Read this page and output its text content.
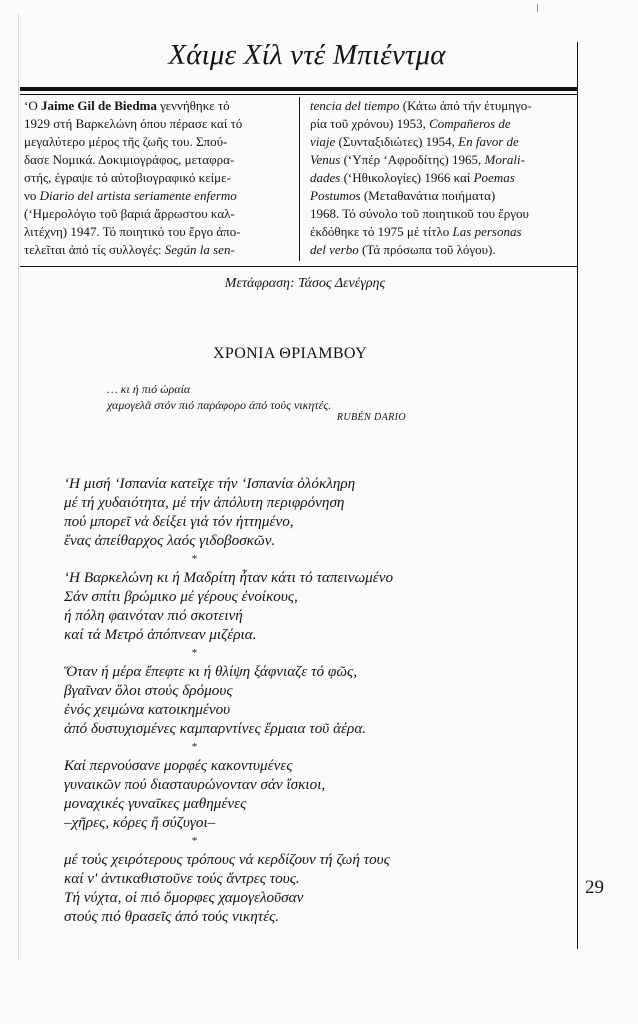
Χάιμε Χίλ ντέ Μπιέντμα
‘Ο Jaime Gil de Biedma γεννήθηκε τό
1929 στή Βαρκελώνη όπου πέρασε καί τό
μεγαλύτερο μέρος τῆς ζωῆς του. Σπού-
δασε Νομικά. Δοκιμιογράφος, μεταφρα-
στής, έγραψε τό αὐτοβιογραφικό κείμε-
νο Diario del artista seriamente enfermo
(‘Ημερολόγιο τοῦ βαριά ἄρρωστου καλ-
λιτέχνη) 1947. Τό ποιητικό του ἔργο ἀπο-
τελεῖται ἀπό τίς συλλογές: Según la sen-
tencia del tiempo (Κάτω ἀπό τήν ἐτυμηγο-
ρία τοῦ χρόνου) 1953, Compañeros de
viaje (Συνταξιδιώτες) 1954, En favor de
Venus (‘Υπέρ ‘Αφροδίτης) 1965, Morali-
dades (‘Ηθικολογίες) 1966 καί Poemas
Postumos (Μεταθανάτια ποιήματα)
1968. Τό σύνολο τοῦ ποιητικοῦ του ἔργου
ἐκδόθηκε τό 1975 μέ τίτλο Las personas
del verbo (Τά πρόσωπα τοῦ λόγου).
Μετάφραση: Τάσος Δενέγρης
ΧΡΟΝΙΑ ΘΡΙΑΜΒΟΥ
… κι ή πιό ὡραία
χαμογελᾶ στόν πιό παράφορο ἀπό τούς νικητές.
RUBÉN DARIO
‘Η μισή ‘Ισπανία κατεῖχε τήν ‘Ισπανία ὁλόκληρη
μέ τή χυδαιότητα, μέ τήν ἀπόλυτη περιφρόνηση
πού μπορεῖ νά δείξει γιά τόν ἡττημένο,
ἕνας ἀπείθαρχος λαός γιδοβοσκῶν.
*
‘Η Βαρκελώνη κι ή Μαδρίτη ἦταν κάτι τό ταπεινωμένο
Σάν σπίτι βρώμικο μέ γέρους ἐνοίκους,
ή πόλη φαινόταν πιό σκοτεινή
καί τά Μετρό ἀπόπνεαν μιζέρια.
*
Ὅταν ή μέρα ἔπεφτε κι ή θλίψη ξάφνιαζε τό φῶς,
βγαῖναν ὅλοι στούς δρόμους
ἑνός χειμώνα κατοικημένου
ἀπό δυστυχισμένες καμπαρντίνες ἕρμαια τοῦ ἀέρα.
*
Καί περνούσανε μορφές κακοντυμένες
γυναικῶν πού διασταυρώνονταν σάν ἴσκιοι,
μοναχικές γυναῖκες μαθημένες
–χῆρες, κόρες ἤ σύζυγοι–
*
μέ τούς χειρότερους τρόπους νά κερδίζουν τή ζωή τους
καί ν' ἀντικαθιστοῦνε τούς ἄντρες τους.
Τή νύχτα, οἱ πιό ὄμορφες χαμογελοῦσαν
στούς πιό θρασεῖς ἀπό τούς νικητές.
29
